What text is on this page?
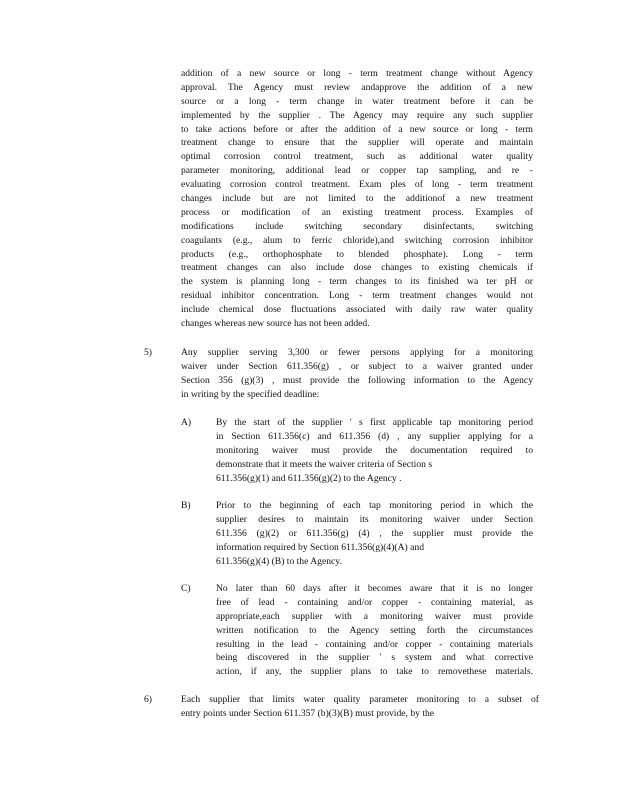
addition of a new source or long - term treatment change without Agency
approval. The Agency must review andapprove the addition of a new
source or a long - term change in water treatment before it can be
implemented by the supplier . The Agency may require any such supplier
to take actions before or after the addition of a new source or long - term
treatment change to ensure that the supplier will operate and maintain
optimal corrosion control treatment, such as additional water quality
parameter monitoring, additional lead or copper tap sampling, and re -
evaluating corrosion control treatment. Exam ples of long - term treatment
changes include but are not limited to the additionof a new treatment
process or modification of an existing treatment process. Examples of
modifications include switching secondary disinfectants, switching
coagulants (e.g., alum to ferric chloride),and switching corrosion inhibitor
products (e.g., orthophosphate to blended phosphate). Long - term
treatment changes can also include dose changes to existing chemicals if
the system is planning long - term changes to its finished wa ter pH or
residual inhibitor concentration. Long - term treatment changes would not
include chemical dose fluctuations associated with daily raw water quality
changes whereas new source has not been added.
5)	Any supplier serving 3,300 or fewer persons applying for a monitoring
waiver under Section 611.356(g) , or subject to a waiver granted under
Section 356 (g)(3) , must provide the following information to the Agency
in writing by the specified deadline:
A)	By the start of the supplier ' s first applicable tap monitoring period
in Section 611.356(c) and 611.356 (d) , any supplier applying for a
monitoring waiver must provide the documentation required to
demonstrate that it meets the waiver criteria of Section s
611.356(g)(1) and 611.356(g)(2) to the Agency .
B)	Prior to the beginning of each tap monitoring period in which the
supplier desires to maintain its monitoring waiver under Section
611.356 (g)(2) or 611.356(g) (4) , the supplier must provide the
information required by Section 611.356(g)(4)(A) and
611.356(g)(4) (B) to the Agency.
C)	No later than 60 days after it becomes aware that it is no longer
free of lead - containing and/or copper - containing material, as
appropriate,each supplier with a monitoring waiver must provide
written notification to the Agency setting forth the circumstances
resulting in the lead - containing and/or copper - containing materials
being discovered in the supplier ' s system and what corrective
action, if any, the supplier plans to take to removethese materials.
6)	Each supplier that limits water quality parameter monitoring to a subset of
entry points under Section 611.357 (b)(3)(B) must provide, by the
